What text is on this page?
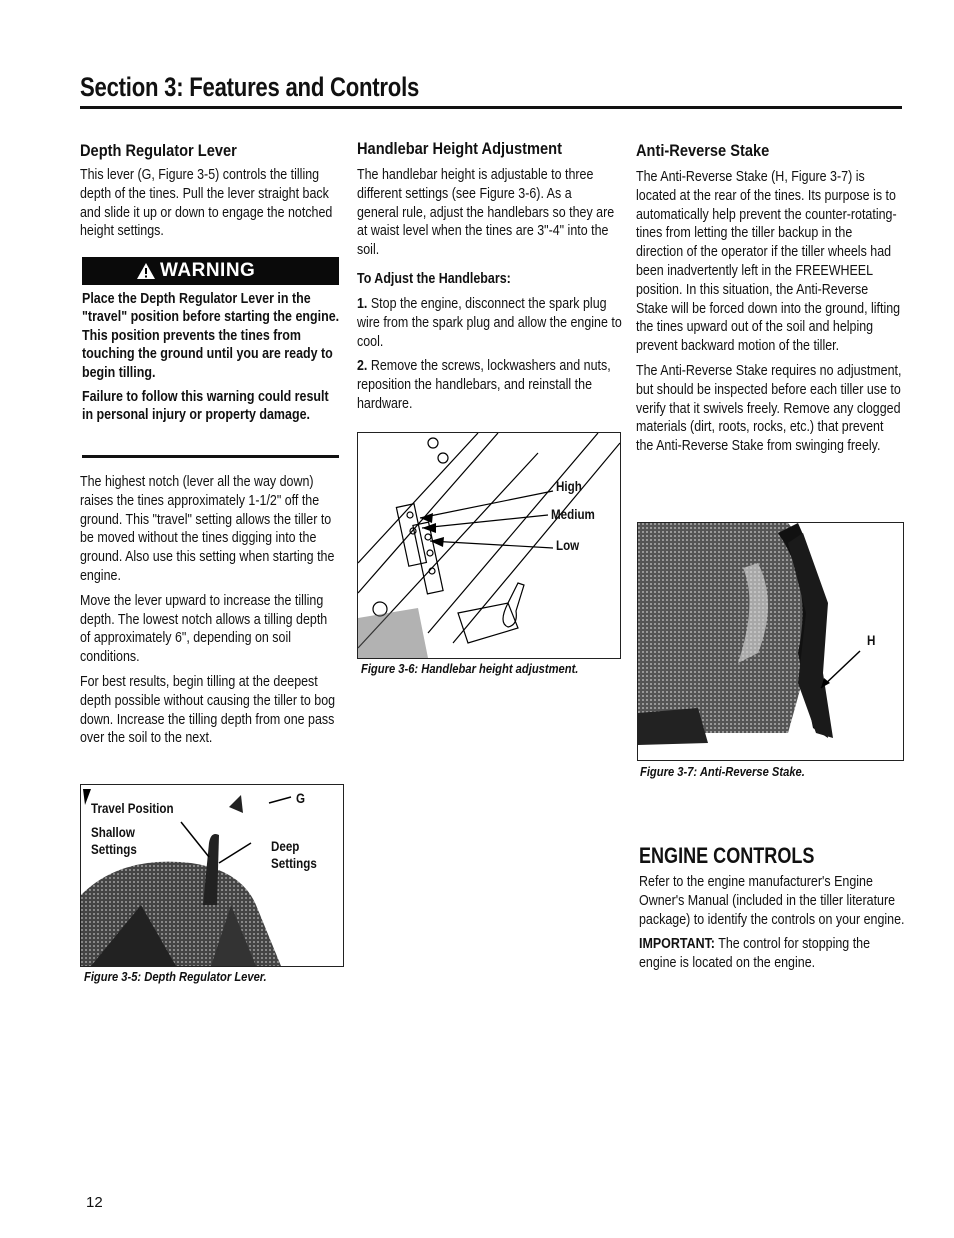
Section 3: Features and Controls
Depth Regulator Lever

This lever (G, Figure 3-5) controls the tilling depth of the tines. Pull the lever straight back and slide it up or down to engage the notched height settings.

WARNING

Place the Depth Regulator Lever in the "travel" position before starting the engine. This position prevents the tines from touching the ground until you are ready to begin tilling.

Failure to follow this warning could result in personal injury or property damage.

The highest notch (lever all the way down) raises the tines approximately 1-1/2" off the ground. This "travel" setting allows the tiller to be moved without the tines digging into the ground. Also use this setting when starting the engine.

Move the lever upward to increase the tilling depth. The lowest notch allows a tilling depth of approximately 6", depending on soil conditions.

For best results, begin tilling at the deepest depth possible without causing the tiller to bog down. Increase the tilling depth from one pass over the soil to the next.

Travel Position
G
Shallow
Settings	Deep
Settings
Figure 3-5: Depth Regulator Lever.
Handlebar Height Adjustment

The handlebar height is adjustable to three different settings (see Figure 3-6). As a general rule, adjust the handlebars so they are at waist level when the tines are 3"-4" into the soil.

To Adjust the Handlebars:

1. Stop the engine, disconnect the spark plug wire from the spark plug and allow the engine to cool.

2. Remove the screws, lockwashers and nuts, reposition the handlebars, and reinstall the hardware.

High
Medium
Low
Figure 3-6: Handlebar height adjustment.
Anti-Reverse Stake

The Anti-Reverse Stake (H, Figure 3-7) is located at the rear of the tines. Its purpose is to automatically help prevent the counter-rotating-tines from letting the tiller backup in the direction of the operator if the tiller wheels had been inadvertently left in the FREEWHEEL position. In this situation, the Anti-Reverse Stake will be forced down into the ground, lifting the tines upward out of the soil and helping prevent backward motion of the tiller.

The Anti-Reverse Stake requires no adjustment, but should be inspected before each tiller use to verify that it swivels freely. Remove any clogged materials (dirt, roots, rocks, etc.) that prevent the Anti-Reverse Stake from swinging freely.

H
Figure 3-7: Anti-Reverse Stake.
ENGINE CONTROLS

Refer to the engine manufacturer's Engine Owner's Manual (included in the tiller literature package) to identify the controls on your engine.

IMPORTANT: The control for stopping the engine is located on the engine.

12
